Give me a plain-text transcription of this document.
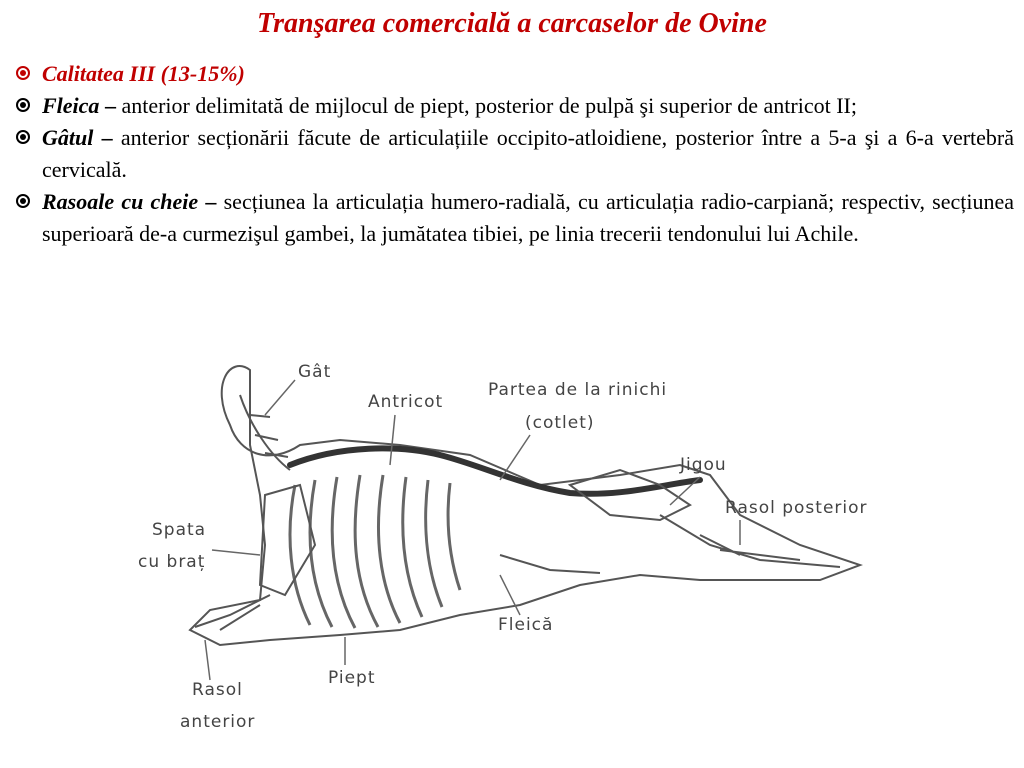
Tranşarea comercială a carcaselor de Ovine
Calitatea III (13-15%)
Fleica – anterior delimitată de mijlocul de piept, posterior de pulpă şi superior de antricot II;
Gâtul – anterior secționării făcute de articulațiile occipito-atloidiene, posterior între a 5-a şi a 6-a vertebră cervicală.
Rasoale cu cheie – secțiunea la articulația humero-radială, cu articulația radio-carpiană; respectiv, secțiunea superioară de-a curmezişul gambei, la jumătatea tibiei, pe linia trecerii tendonului lui Achile.
Gât
Antricot
Partea de la rinichi
(cotlet)
Jigou
Rasol posterior
Spata
cu braț
Fleică
Piept
Rasol
anterior
